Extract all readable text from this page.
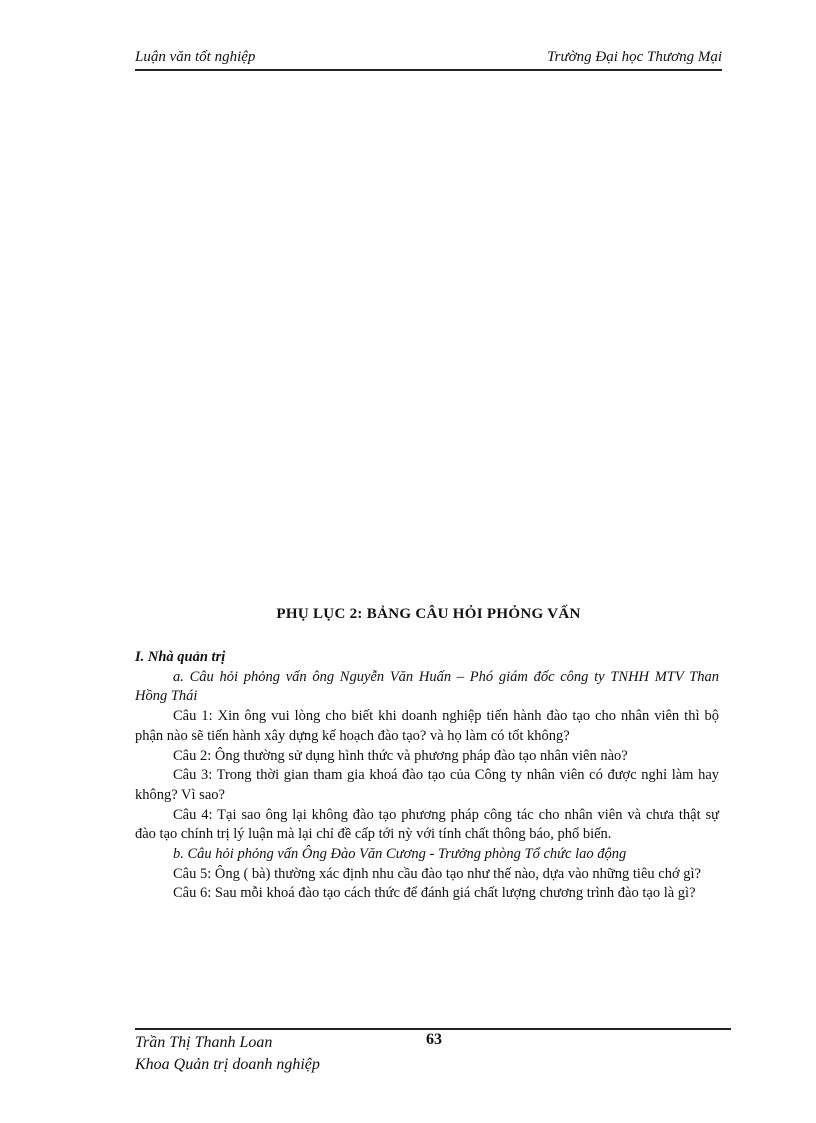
Luận văn tốt nghiệp	Trường Đại học Thương Mại
PHỤ LỤC 2: BẢNG CÂU HỎI PHỎNG VẤN

I. Nhà quản trị

a. Câu hỏi phỏng vấn ông Nguyễn Văn Huấn – Phó giám đốc công ty TNHH MTV Than Hồng Thái

Câu 1: Xin ông vui lòng cho biết khi doanh nghiệp tiến hành đào tạo cho nhân viên thì bộ phận nào sẽ tiến hành xây dựng kế hoạch đào tạo? và họ làm có tốt không?

Câu 2: Ông thường sử dụng hình thức và phương pháp đào tạo nhân viên nào?

Câu 3: Trong thời gian tham gia khoá đào tạo của Công ty nhân viên có được nghỉ làm hay không? Vì sao?

Câu 4: Tại sao ông lại không đào tạo phương pháp công tác cho nhân viên và chưa thật sự đào tạo chính trị lý luận mà lại chỉ đề cấp tới nỳ với tính chất thông báo, phổ biến.

b. Câu hỏi phỏng vấn Ông Đào Văn Cương - Trưởng phòng Tổ chức lao động

Câu 5: Ông ( bà) thường xác định nhu cầu đào tạo như thế nào, dựa vào những tiêu chớ gì?

Câu 6: Sau mỗi khoá đào tạo cách thức để đánh giá chất lượng chương trình đào tạo là gì?

Trần Thị Thanh Loan	63
Khoa Quản trị doanh nghiệp
